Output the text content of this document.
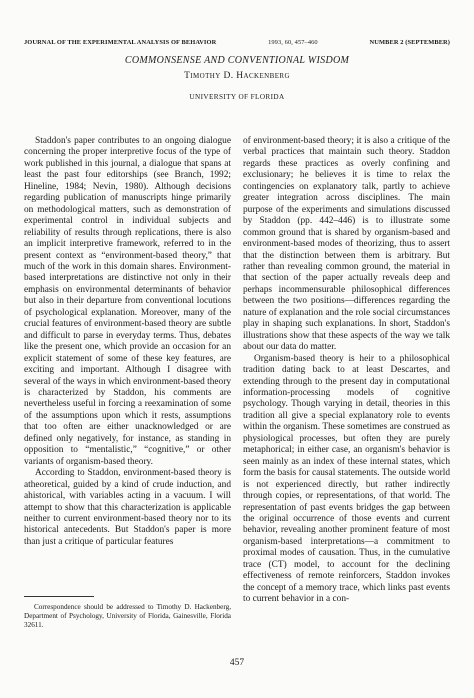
JOURNAL OF THE EXPERIMENTAL ANALYSIS OF BEHAVIOR	1993, 60, 457–460	NUMBER 2 (SEPTEMBER)
COMMONSENSE AND CONVENTIONAL WISDOM
Timothy D. Hackenberg
UNIVERSITY OF FLORIDA

Staddon's paper contributes to an ongoing dialogue concerning the proper interpretive focus of the type of work published in this journal, a dialogue that spans at least the past four editorships (see Branch, 1992; Hineline, 1984; Nevin, 1980). Although decisions regarding publication of manuscripts hinge primarily on methodological matters, such as demonstration of experimental control in individual subjects and reliability of results through replications, there is also an implicit interpretive framework, referred to in the present context as “environment-based theory,” that much of the work in this domain shares. Environment-based interpretations are distinctive not only in their emphasis on environmental determinants of behavior but also in their departure from conventional locutions of psychological explanation. Moreover, many of the crucial features of environment-based theory are subtle and difficult to parse in everyday terms. Thus, debates like the present one, which provide an occasion for an explicit statement of some of these key features, are exciting and important. Although I disagree with several of the ways in which environment-based theory is characterized by Staddon, his comments are nevertheless useful in forcing a reexamination of some of the assumptions upon which it rests, assumptions that too often are either unacknowledged or are defined only negatively, for instance, as standing in opposition to “mentalistic,” “cognitive,” or other variants of organism-based theory.

According to Staddon, environment-based theory is atheoretical, guided by a kind of crude induction, and ahistorical, with variables acting in a vacuum. I will attempt to show that this characterization is applicable neither to current environment-based theory nor to its historical antecedents. But Staddon's paper is more than just a critique of particular features

of environment-based theory; it is also a critique of the verbal practices that maintain such theory. Staddon regards these practices as overly confining and exclusionary; he believes it is time to relax the contingencies on explanatory talk, partly to achieve greater integration across disciplines. The main purpose of the experiments and simulations discussed by Staddon (pp. 442–446) is to illustrate some common ground that is shared by organism-based and environment-based modes of theorizing, thus to assert that the distinction between them is arbitrary. But rather than revealing common ground, the material in that section of the paper actually reveals deep and perhaps incommensurable philosophical differences between the two positions—differences regarding the nature of explanation and the role social circumstances play in shaping such explanations. In short, Staddon's illustrations show that these aspects of the way we talk about our data do matter.

Organism-based theory is heir to a philosophical tradition dating back to at least Descartes, and extending through to the present day in computational information-processing models of cognitive psychology. Though varying in detail, theories in this tradition all give a special explanatory role to events within the organism. These sometimes are construed as physiological processes, but often they are purely metaphorical; in either case, an organism's behavior is seen mainly as an index of these internal states, which form the basis for causal statements. The outside world is not experienced directly, but rather indirectly through copies, or representations, of that world. The representation of past events bridges the gap between the original occurrence of those events and current behavior, revealing another prominent feature of most organism-based interpretations—a commitment to proximal modes of causation. Thus, in the cumulative trace (CT) model, to account for the declining effectiveness of remote reinforcers, Staddon invokes the concept of a memory trace, which links past events to current behavior in a con-

Correspondence should be addressed to Timothy D. Hackenberg, Department of Psychology, University of Florida, Gainesville, Florida 32611.
457
